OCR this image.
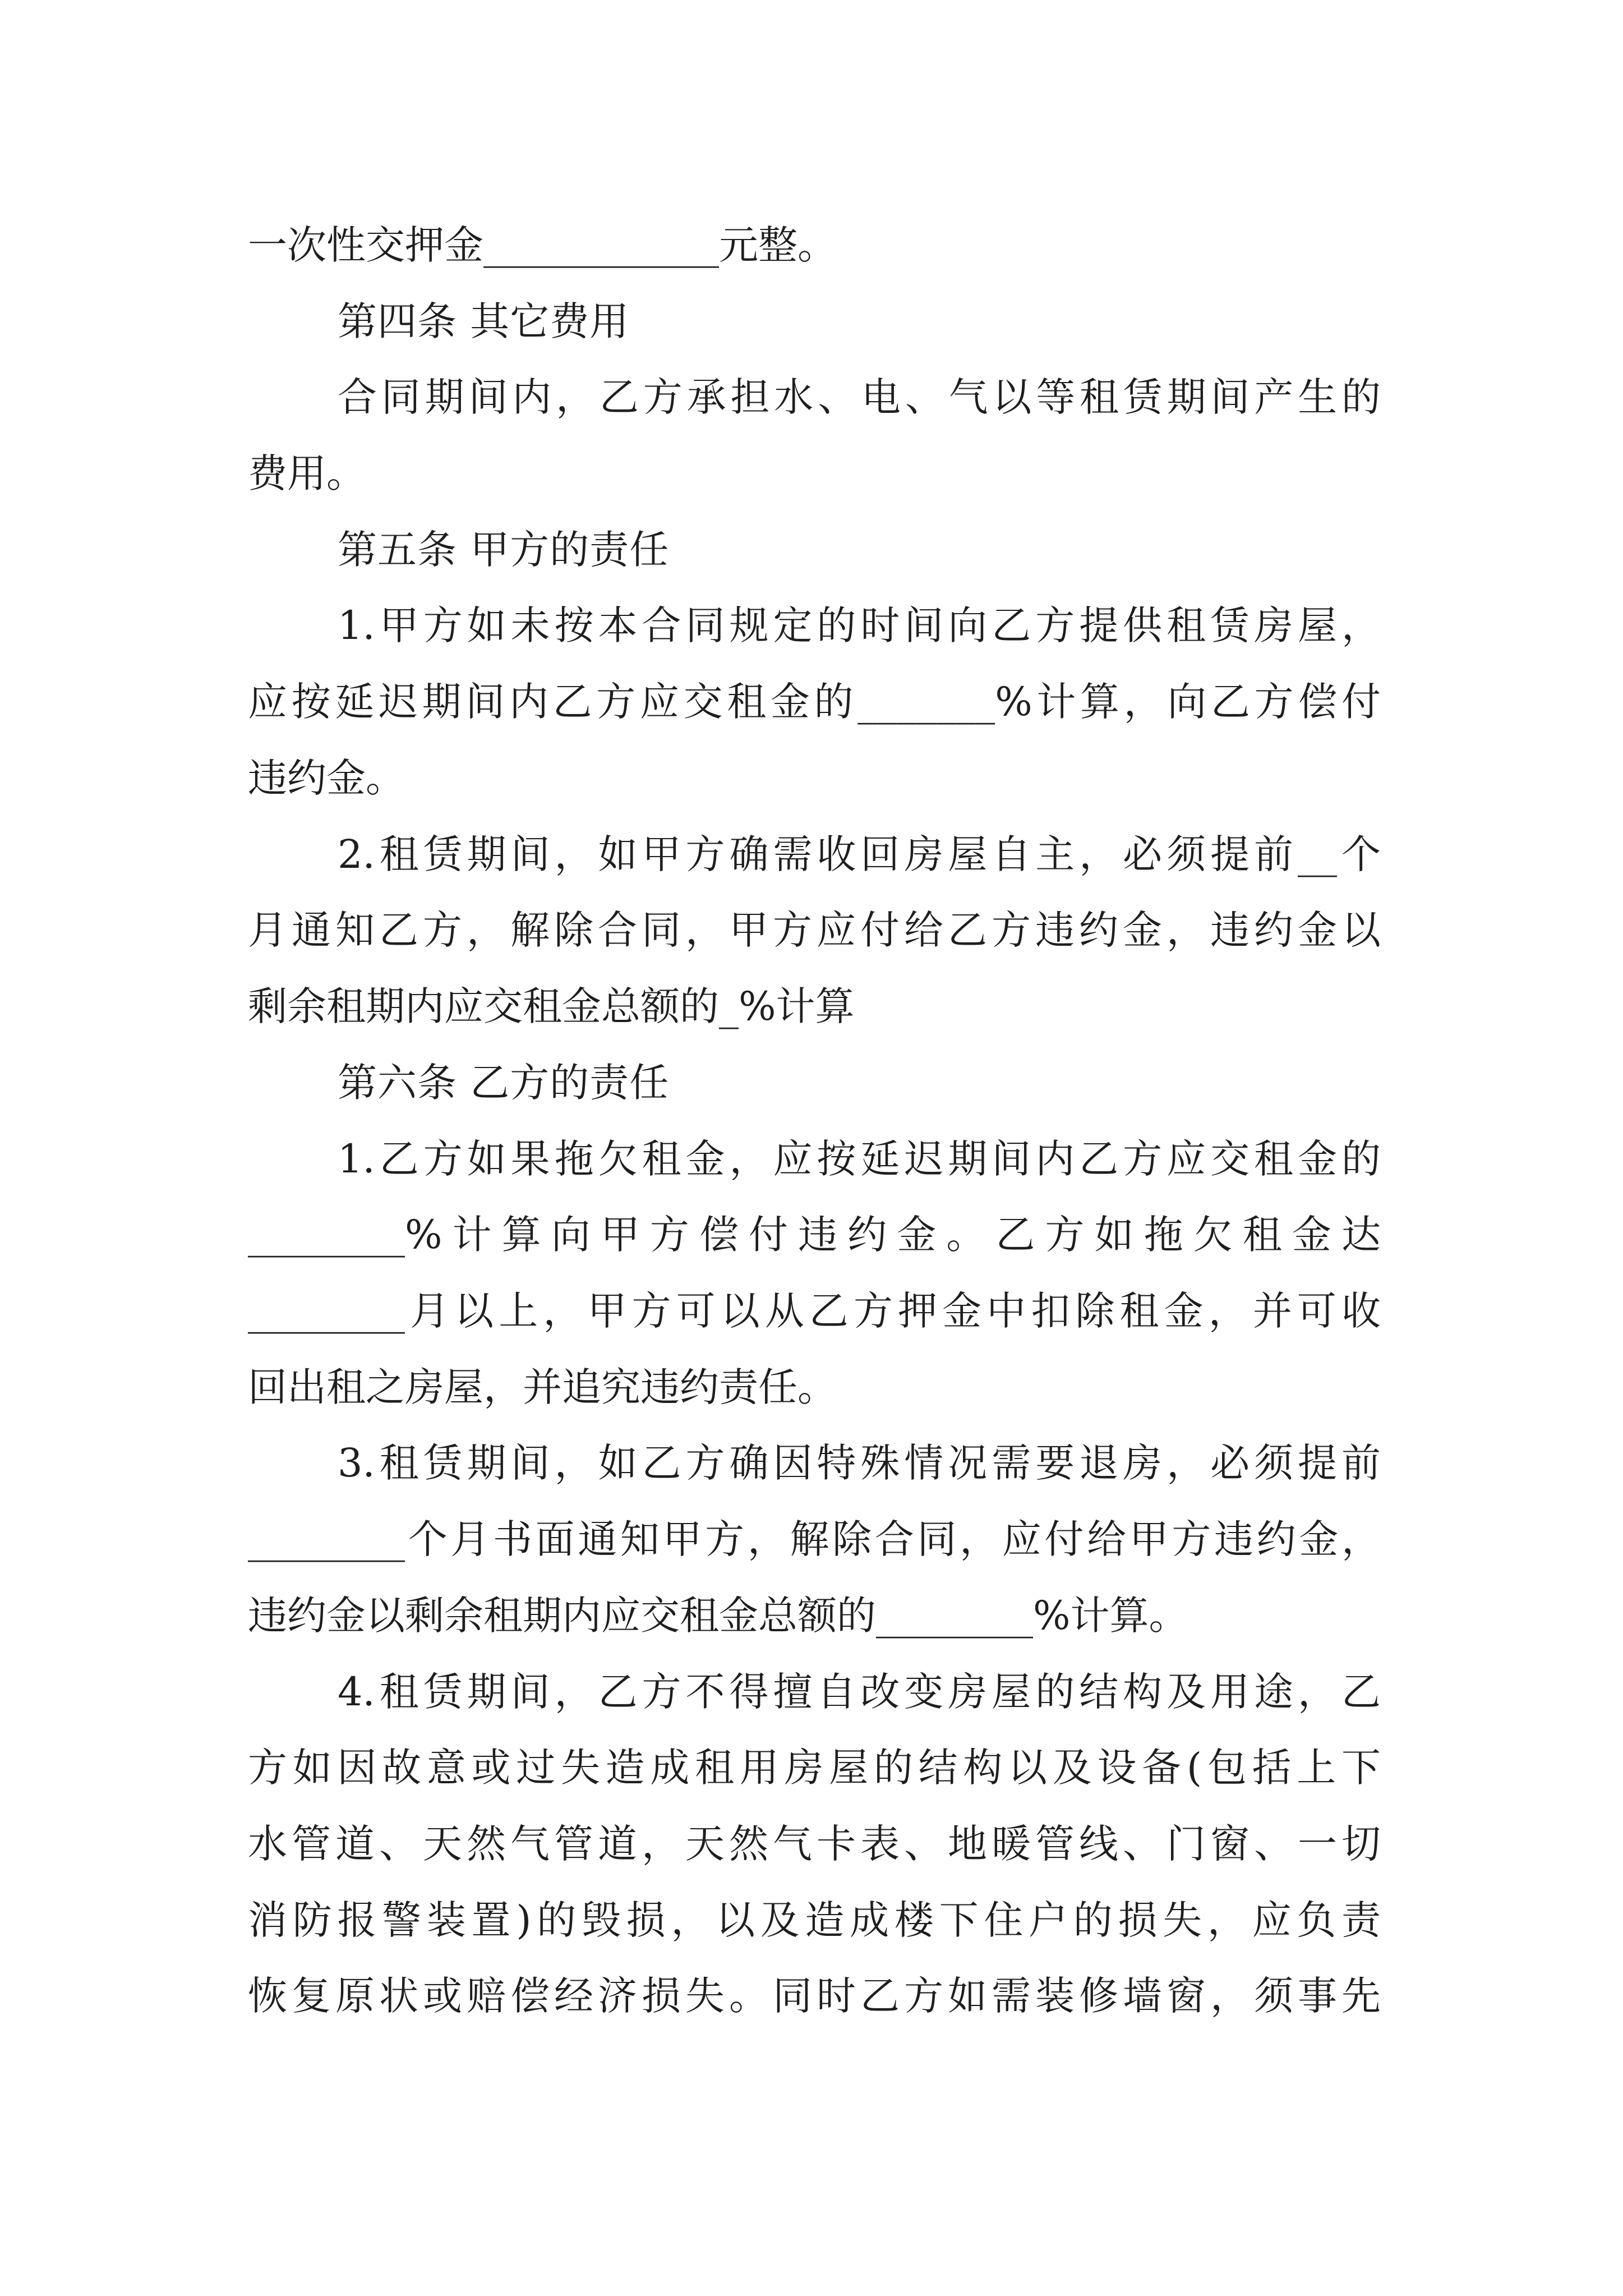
一次性交押金____________元整。
第四条 其它费用
合同期间内，乙方承担水、电、气以等租赁期间产生的
费用。
第五条 甲方的责任
1.甲方如未按本合同规定的时间向乙方提供租赁房屋，
应按延迟期间内乙方应交租金的_______%计算，向乙方偿付
违约金。
2.租赁期间，如甲方确需收回房屋自主，必须提前__个
月通知乙方，解除合同，甲方应付给乙方违约金，违约金以
剩余租期内应交租金总额的_%计算
第六条 乙方的责任
1.乙方如果拖欠租金，应按延迟期间内乙方应交租金的
________%计算向甲方偿付违约金。乙方如拖欠租金达
________月以上，甲方可以从乙方押金中扣除租金，并可收
回出租之房屋，并追究违约责任。
3.租赁期间，如乙方确因特殊情况需要退房，必须提前
________个月书面通知甲方，解除合同，应付给甲方违约金，
违约金以剩余租期内应交租金总额的________%计算。
4.租赁期间，乙方不得擅自改变房屋的结构及用途，乙
方如因故意或过失造成租用房屋的结构以及设备(包括上下
水管道、天然气管道，天然气卡表、地暖管线、门窗、一切
消防报警装置)的毁损，以及造成楼下住户的损失，应负责
恢复原状或赔偿经济损失。同时乙方如需装修墙窗，须事先
